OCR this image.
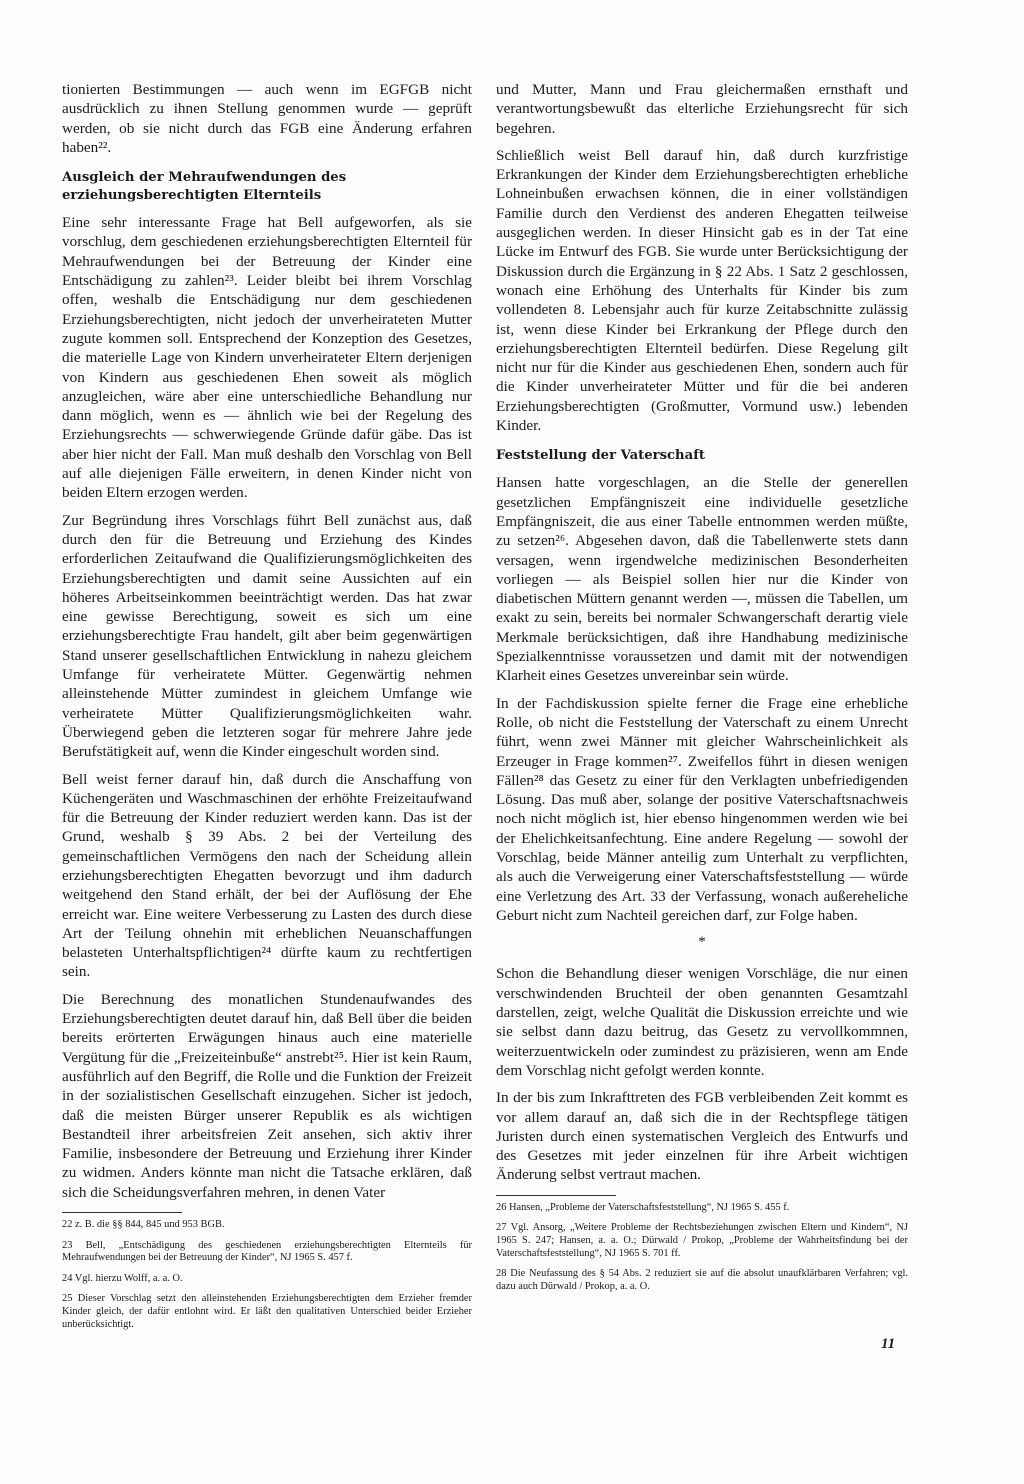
tionierten Bestimmungen — auch wenn im EGFGB nicht ausdrücklich zu ihnen Stellung genommen wurde — geprüft werden, ob sie nicht durch das FGB eine Änderung erfahren haben²².

Ausgleich der Mehraufwendungen des erziehungsberechtigten Elternteils

Eine sehr interessante Frage hat Bell aufgeworfen, als sie vorschlug, dem geschiedenen erziehungsberechtigten Elternteil für Mehraufwendungen bei der Betreuung der Kinder eine Entschädigung zu zahlen²³. Leider bleibt bei ihrem Vorschlag offen, weshalb die Entschädigung nur dem geschiedenen Erziehungsberechtigten, nicht jedoch der unverheirateten Mutter zugute kommen soll. Entsprechend der Konzeption des Gesetzes, die materielle Lage von Kindern unverheirateter Eltern derjenigen von Kindern aus geschiedenen Ehen soweit als möglich anzugleichen, wäre aber eine unterschiedliche Behandlung nur dann möglich, wenn es — ähnlich wie bei der Regelung des Erziehungsrechts — schwerwiegende Gründe dafür gäbe. Das ist aber hier nicht der Fall. Man muß deshalb den Vorschlag von Bell auf alle diejenigen Fälle erweitern, in denen Kinder nicht von beiden Eltern erzogen werden.

Zur Begründung ihres Vorschlags führt Bell zunächst aus, daß durch den für die Betreuung und Erziehung des Kindes erforderlichen Zeitaufwand die Qualifizierungsmöglichkeiten des Erziehungsberechtigten und damit seine Aussichten auf ein höheres Arbeitseinkommen beeinträchtigt werden. Das hat zwar eine gewisse Berechtigung, soweit es sich um eine erziehungsberechtigte Frau handelt, gilt aber beim gegenwärtigen Stand unserer gesellschaftlichen Entwicklung in nahezu gleichem Umfange für verheiratete Mütter. Gegenwärtig nehmen alleinstehende Mütter zumindest in gleichem Umfange wie verheiratete Mütter Qualifizierungsmöglichkeiten wahr. Überwiegend geben die letzteren sogar für mehrere Jahre jede Berufstätigkeit auf, wenn die Kinder eingeschult worden sind.

Bell weist ferner darauf hin, daß durch die Anschaffung von Küchengeräten und Waschmaschinen der erhöhte Freizeitaufwand für die Betreuung der Kinder reduziert werden kann. Das ist der Grund, weshalb § 39 Abs. 2 bei der Verteilung des gemeinschaftlichen Vermögens den nach der Scheidung allein erziehungsberechtigten Ehegatten bevorzugt und ihm dadurch weitgehend den Stand erhält, der bei der Auflösung der Ehe erreicht war. Eine weitere Verbesserung zu Lasten des durch diese Art der Teilung ohnehin mit erheblichen Neuanschaffungen belasteten Unterhaltspflichtigen²⁴ dürfte kaum zu rechtfertigen sein.

Die Berechnung des monatlichen Stundenaufwandes des Erziehungsberechtigten deutet darauf hin, daß Bell über die beiden bereits erörterten Erwägungen hinaus auch eine materielle Vergütung für die „Freizeiteinbuße“ anstrebt²⁵. Hier ist kein Raum, ausführlich auf den Begriff, die Rolle und die Funktion der Freizeit in der sozialistischen Gesellschaft einzugehen. Sicher ist jedoch, daß die meisten Bürger unserer Republik es als wichtigen Bestandteil ihrer arbeitsfreien Zeit ansehen, sich aktiv ihrer Familie, insbesondere der Betreuung und Erziehung ihrer Kinder zu widmen. Anders könnte man nicht die Tatsache erklären, daß sich die Scheidungsverfahren mehren, in denen Vater

22 z. B. die §§ 844, 845 und 953 BGB.

23 Bell, „Entschädigung des geschiedenen erziehungsberechtigten Elternteils für Mehraufwendungen bei der Betreuung der Kinder“, NJ 1965 S. 457 f.

24 Vgl. hierzu Wolff, a. a. O.

25 Dieser Vorschlag setzt den alleinstehenden Erziehungsberechtigten dem Erzieher fremder Kinder gleich, der dafür entlohnt wird. Er läßt den qualitativen Unterschied beider Erzieher unberücksichtigt.

und Mutter, Mann und Frau gleichermaßen ernsthaft und verantwortungsbewußt das elterliche Erziehungsrecht für sich begehren.

Schließlich weist Bell darauf hin, daß durch kurzfristige Erkrankungen der Kinder dem Erziehungsberechtigten erhebliche Lohneinbußen erwachsen können, die in einer vollständigen Familie durch den Verdienst des anderen Ehegatten teilweise ausgeglichen werden. In dieser Hinsicht gab es in der Tat eine Lücke im Entwurf des FGB. Sie wurde unter Berücksichtigung der Diskussion durch die Ergänzung in § 22 Abs. 1 Satz 2 geschlossen, wonach eine Erhöhung des Unterhalts für Kinder bis zum vollendeten 8. Lebensjahr auch für kurze Zeitabschnitte zulässig ist, wenn diese Kinder bei Erkrankung der Pflege durch den erziehungsberechtigten Elternteil bedürfen. Diese Regelung gilt nicht nur für die Kinder aus geschiedenen Ehen, sondern auch für die Kinder unverheirateter Mütter und für die bei anderen Erziehungsberechtigten (Großmutter, Vormund usw.) lebenden Kinder.

Feststellung der Vaterschaft

Hansen hatte vorgeschlagen, an die Stelle der generellen gesetzlichen Empfängniszeit eine individuelle gesetzliche Empfängniszeit, die aus einer Tabelle entnommen werden müßte, zu setzen²⁶. Abgesehen davon, daß die Tabellenwerte stets dann versagen, wenn irgendwelche medizinischen Besonderheiten vorliegen — als Beispiel sollen hier nur die Kinder von diabetischen Müttern genannt werden —, müssen die Tabellen, um exakt zu sein, bereits bei normaler Schwangerschaft derartig viele Merkmale berücksichtigen, daß ihre Handhabung medizinische Spezialkenntnisse voraussetzen und damit mit der notwendigen Klarheit eines Gesetzes unvereinbar sein würde.

In der Fachdiskussion spielte ferner die Frage eine erhebliche Rolle, ob nicht die Feststellung der Vaterschaft zu einem Unrecht führt, wenn zwei Männer mit gleicher Wahrscheinlichkeit als Erzeuger in Frage kommen²⁷. Zweifellos führt in diesen wenigen Fällen²⁸ das Gesetz zu einer für den Verklagten unbefriedigenden Lösung. Das muß aber, solange der positive Vaterschaftsnachweis noch nicht möglich ist, hier ebenso hingenommen werden wie bei der Ehelichkeitsanfechtung. Eine andere Regelung — sowohl der Vorschlag, beide Männer anteilig zum Unterhalt zu verpflichten, als auch die Verweigerung einer Vaterschaftsfeststellung — würde eine Verletzung des Art. 33 der Verfassung, wonach außereheliche Geburt nicht zum Nachteil gereichen darf, zur Folge haben.

*

Schon die Behandlung dieser wenigen Vorschläge, die nur einen verschwindenden Bruchteil der oben genannten Gesamtzahl darstellen, zeigt, welche Qualität die Diskussion erreichte und wie sie selbst dann dazu beitrug, das Gesetz zu vervollkommnen, weiterzuentwickeln oder zumindest zu präzisieren, wenn am Ende dem Vorschlag nicht gefolgt werden konnte.

In der bis zum Inkrafttreten des FGB verbleibenden Zeit kommt es vor allem darauf an, daß sich die in der Rechtspflege tätigen Juristen durch einen systematischen Vergleich des Entwurfs und des Gesetzes mit jeder einzelnen für ihre Arbeit wichtigen Änderung selbst vertraut machen.

26 Hansen, „Probleme der Vaterschaftsfeststellung“, NJ 1965 S. 455 f.

27 Vgl. Ansorg, „Weitere Probleme der Rechtsbeziehungen zwischen Eltern und Kindern“, NJ 1965 S. 247; Hansen, a. a. O.; Dürwald / Prokop, „Probleme der Wahrheitsfindung bei der Vaterschaftsfeststellung“, NJ 1965 S. 701 ff.

28 Die Neufassung des § 54 Abs. 2 reduziert sie auf die absolut unaufklärbaren Verfahren; vgl. dazu auch Dürwald / Prokop, a. a. O.

11
